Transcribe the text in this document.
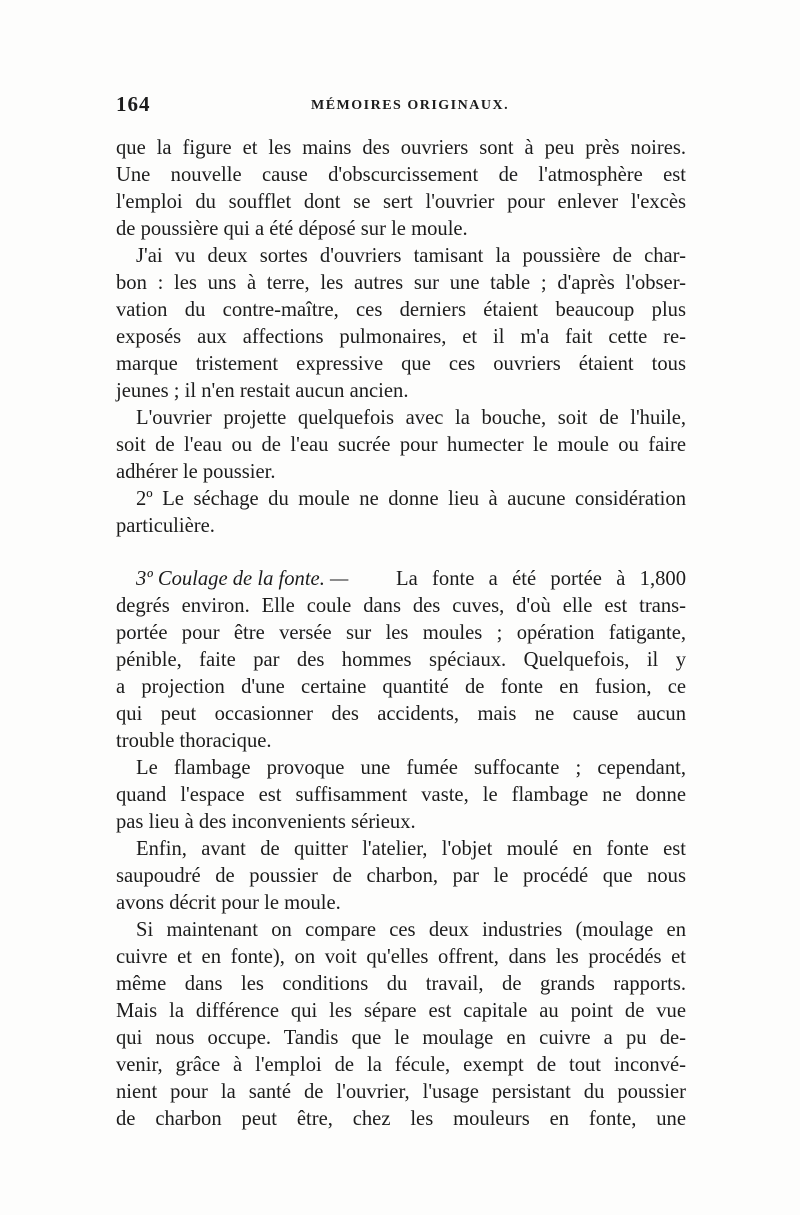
164	MÉMOIRES ORIGINAUX.
que la figure et les mains des ouvriers sont à peu près noires.
Une nouvelle cause d'obscurcissement de l'atmosphère est
l'emploi du soufflet dont se sert l'ouvrier pour enlever l'excès
de poussière qui a été déposé sur le moule.
J'ai vu deux sortes d'ouvriers tamisant la poussière de char-
bon : les uns à terre, les autres sur une table ; d'après l'obser-
vation du contre-maître, ces derniers étaient beaucoup plus
exposés aux affections pulmonaires, et il m'a fait cette re-
marque tristement expressive que ces ouvriers étaient tous
jeunes ; il n'en restait aucun ancien.
L'ouvrier projette quelquefois avec la bouche, soit de l'huile,
soit de l'eau ou de l'eau sucrée pour humecter le moule ou faire
adhérer le poussier.
2º Le séchage du moule ne donne lieu à aucune considération
particulière.
3º Coulage de la fonte. —	La fonte a été portée à 1,800
degrés environ. Elle coule dans des cuves, d'où elle est trans-
portée pour être versée sur les moules ; opération fatigante,
pénible, faite par des hommes spéciaux. Quelquefois, il y
a projection d'une certaine quantité de fonte en fusion, ce
qui peut occasionner des accidents, mais ne cause aucun
trouble thoracique.
Le flambage provoque une fumée suffocante ; cependant,
quand l'espace est suffisamment vaste, le flambage ne donne
pas lieu à des inconvenients sérieux.
Enfin, avant de quitter l'atelier, l'objet moulé en fonte est
saupoudré de poussier de charbon, par le procédé que nous
avons décrit pour le moule.
Si maintenant on compare ces deux industries (moulage en
cuivre et en fonte), on voit qu'elles offrent, dans les procédés et
même dans les conditions du travail, de grands rapports.
Mais la différence qui les sépare est capitale au point de vue
qui nous occupe. Tandis que le moulage en cuivre a pu de-
venir, grâce à l'emploi de la fécule, exempt de tout inconvé-
nient pour la santé de l'ouvrier, l'usage persistant du poussier
de charbon peut être, chez les mouleurs en fonte, une
